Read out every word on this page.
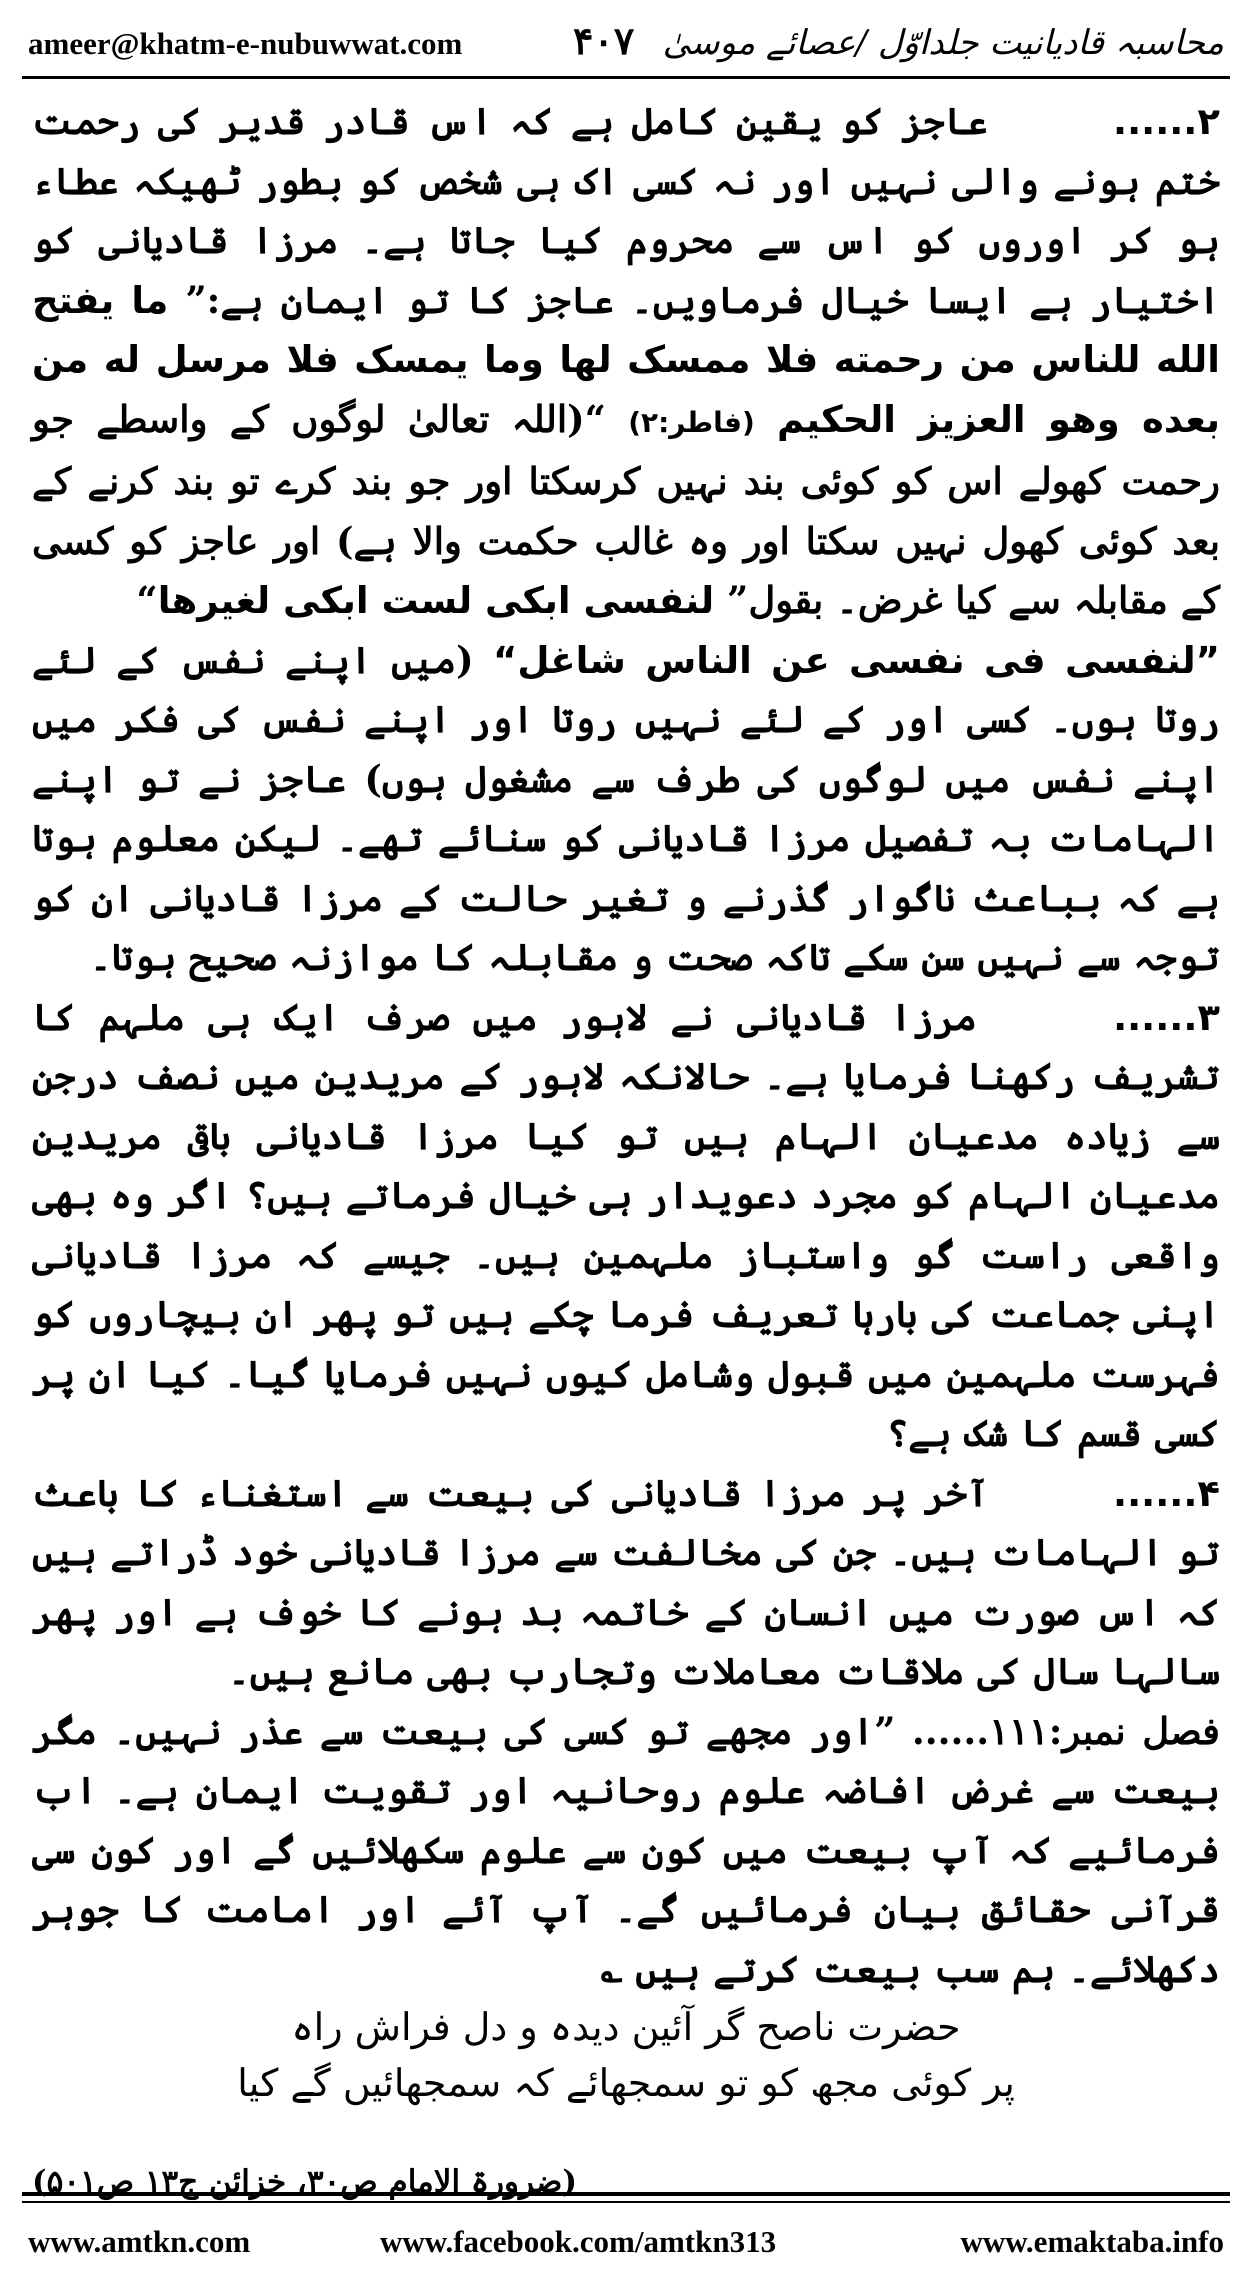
ameer@khatm-e-nubuwwat.com	۴۰۷ محاسبہ قادیانیت جلداوّل /عصائے موسیٰ

۲......  عاجز کو یقین کامل ہے کہ اس قادر قدیر کی رحمت ختم ہونے والی نہیں اور نہ کسی اک ہی شخص کو بطور ٹھیکہ عطاء ہو کر اوروں کو اس سے محروم کیا جاتا ہے۔ مرزا قادیانی کو اختیار ہے ایسا خیال فرماویں۔ عاجز کا تو ایمان ہے:” ما یفتح الله للناس من رحمته فلا ممسک لها وما یمسک فلا مرسل له من بعده وهو العزیز الحکیم (فاطر:۲) “(اللہ تعالیٰ لوگوں کے واسطے جو رحمت کھولے اس کو کوئی بند نہیں کرسکتا اور جو بند کرے تو بند کرنے کے بعد کوئی کھول نہیں سکتا اور وہ غالب حکمت والا ہے) اور عاجز کو کسی کے مقابلہ سے کیا غرض۔ بقول” لنفسی ابکی لست ابکی لغیرها“

”لنفسی فی نفسی عن الناس شاغل“ (میں اپنے نفس کے لئے روتا ہوں۔ کسی اور کے لئے نہیں روتا اور اپنے نفس کی فکر میں اپنے نفس میں لوگوں کی طرف سے مشغول ہوں) عاجز نے تو اپنے الہامات بہ تفصیل مرزا قادیانی کو سنائے تھے۔ لیکن معلوم ہوتا ہے کہ بباعث ناگوار گذرنے و تغیر حالت کے مرزا قادیانی ان کو توجہ سے نہیں سن سکے تاکہ صحت و مقابلہ کا موازنہ صحیح ہوتا۔

۳......  مرزا قادیانی نے لاہور میں صرف ایک ہی ملہم کا تشریف رکھنا فرمایا ہے۔ حالانکہ لاہور کے مریدین میں نصف درجن سے زیادہ مدعیان الہام ہیں تو کیا مرزا قادیانی باقی مریدین مدعیان الہام کو مجرد دعویدار ہی خیال فرماتے ہیں؟ اگر وہ بھی واقعی راست گو واستباز ملہمین ہیں۔ جیسے کہ مرزا قادیانی اپنی جماعت کی بارہا تعریف فرما چکے ہیں تو پھر ان بیچاروں کو فہرست ملہمین میں قبول وشامل کیوں نہیں فرمایا گیا۔ کیا ان پر کسی قسم کا شک ہے؟

۴......  آخر پر مرزا قادیانی کی بیعت سے استغناء کا باعث تو الہامات ہیں۔ جن کی مخالفت سے مرزا قادیانی خود ڈراتے ہیں کہ اس صورت میں انسان کے خاتمہ بد ہونے کا خوف ہے اور پھر سالہا سال کی ملاقات معاملات وتجارب بھی مانع ہیں۔

فصل نمبر:۱۱۱...... ”اور مجھے تو کسی کی بیعت سے عذر نہیں۔ مگر بیعت سے غرض افاضہ علوم روحانیہ اور تقویت ایمان ہے۔ اب فرمائیے کہ آپ بیعت میں کون سے علوم سکھلائیں گے اور کون سی قرآنی حقائق بیان فرمائیں گے۔ آپ آئے اور امامت کا جوہر دکھلائے۔ ہم سب بیعت کرتے ہیں ؎

حضرت ناصح گر آئین دیدہ و دل فراش راہ

پر کوئی مجھ کو تو سمجھائے کہ سمجھائیں گے کیا

(ضرورۃ الامام ص۳۰، خزائن ج۱۳ ص۵۰۱)
www.amtkn.com	www.facebook.com/amtkn313	www.emaktaba.info
